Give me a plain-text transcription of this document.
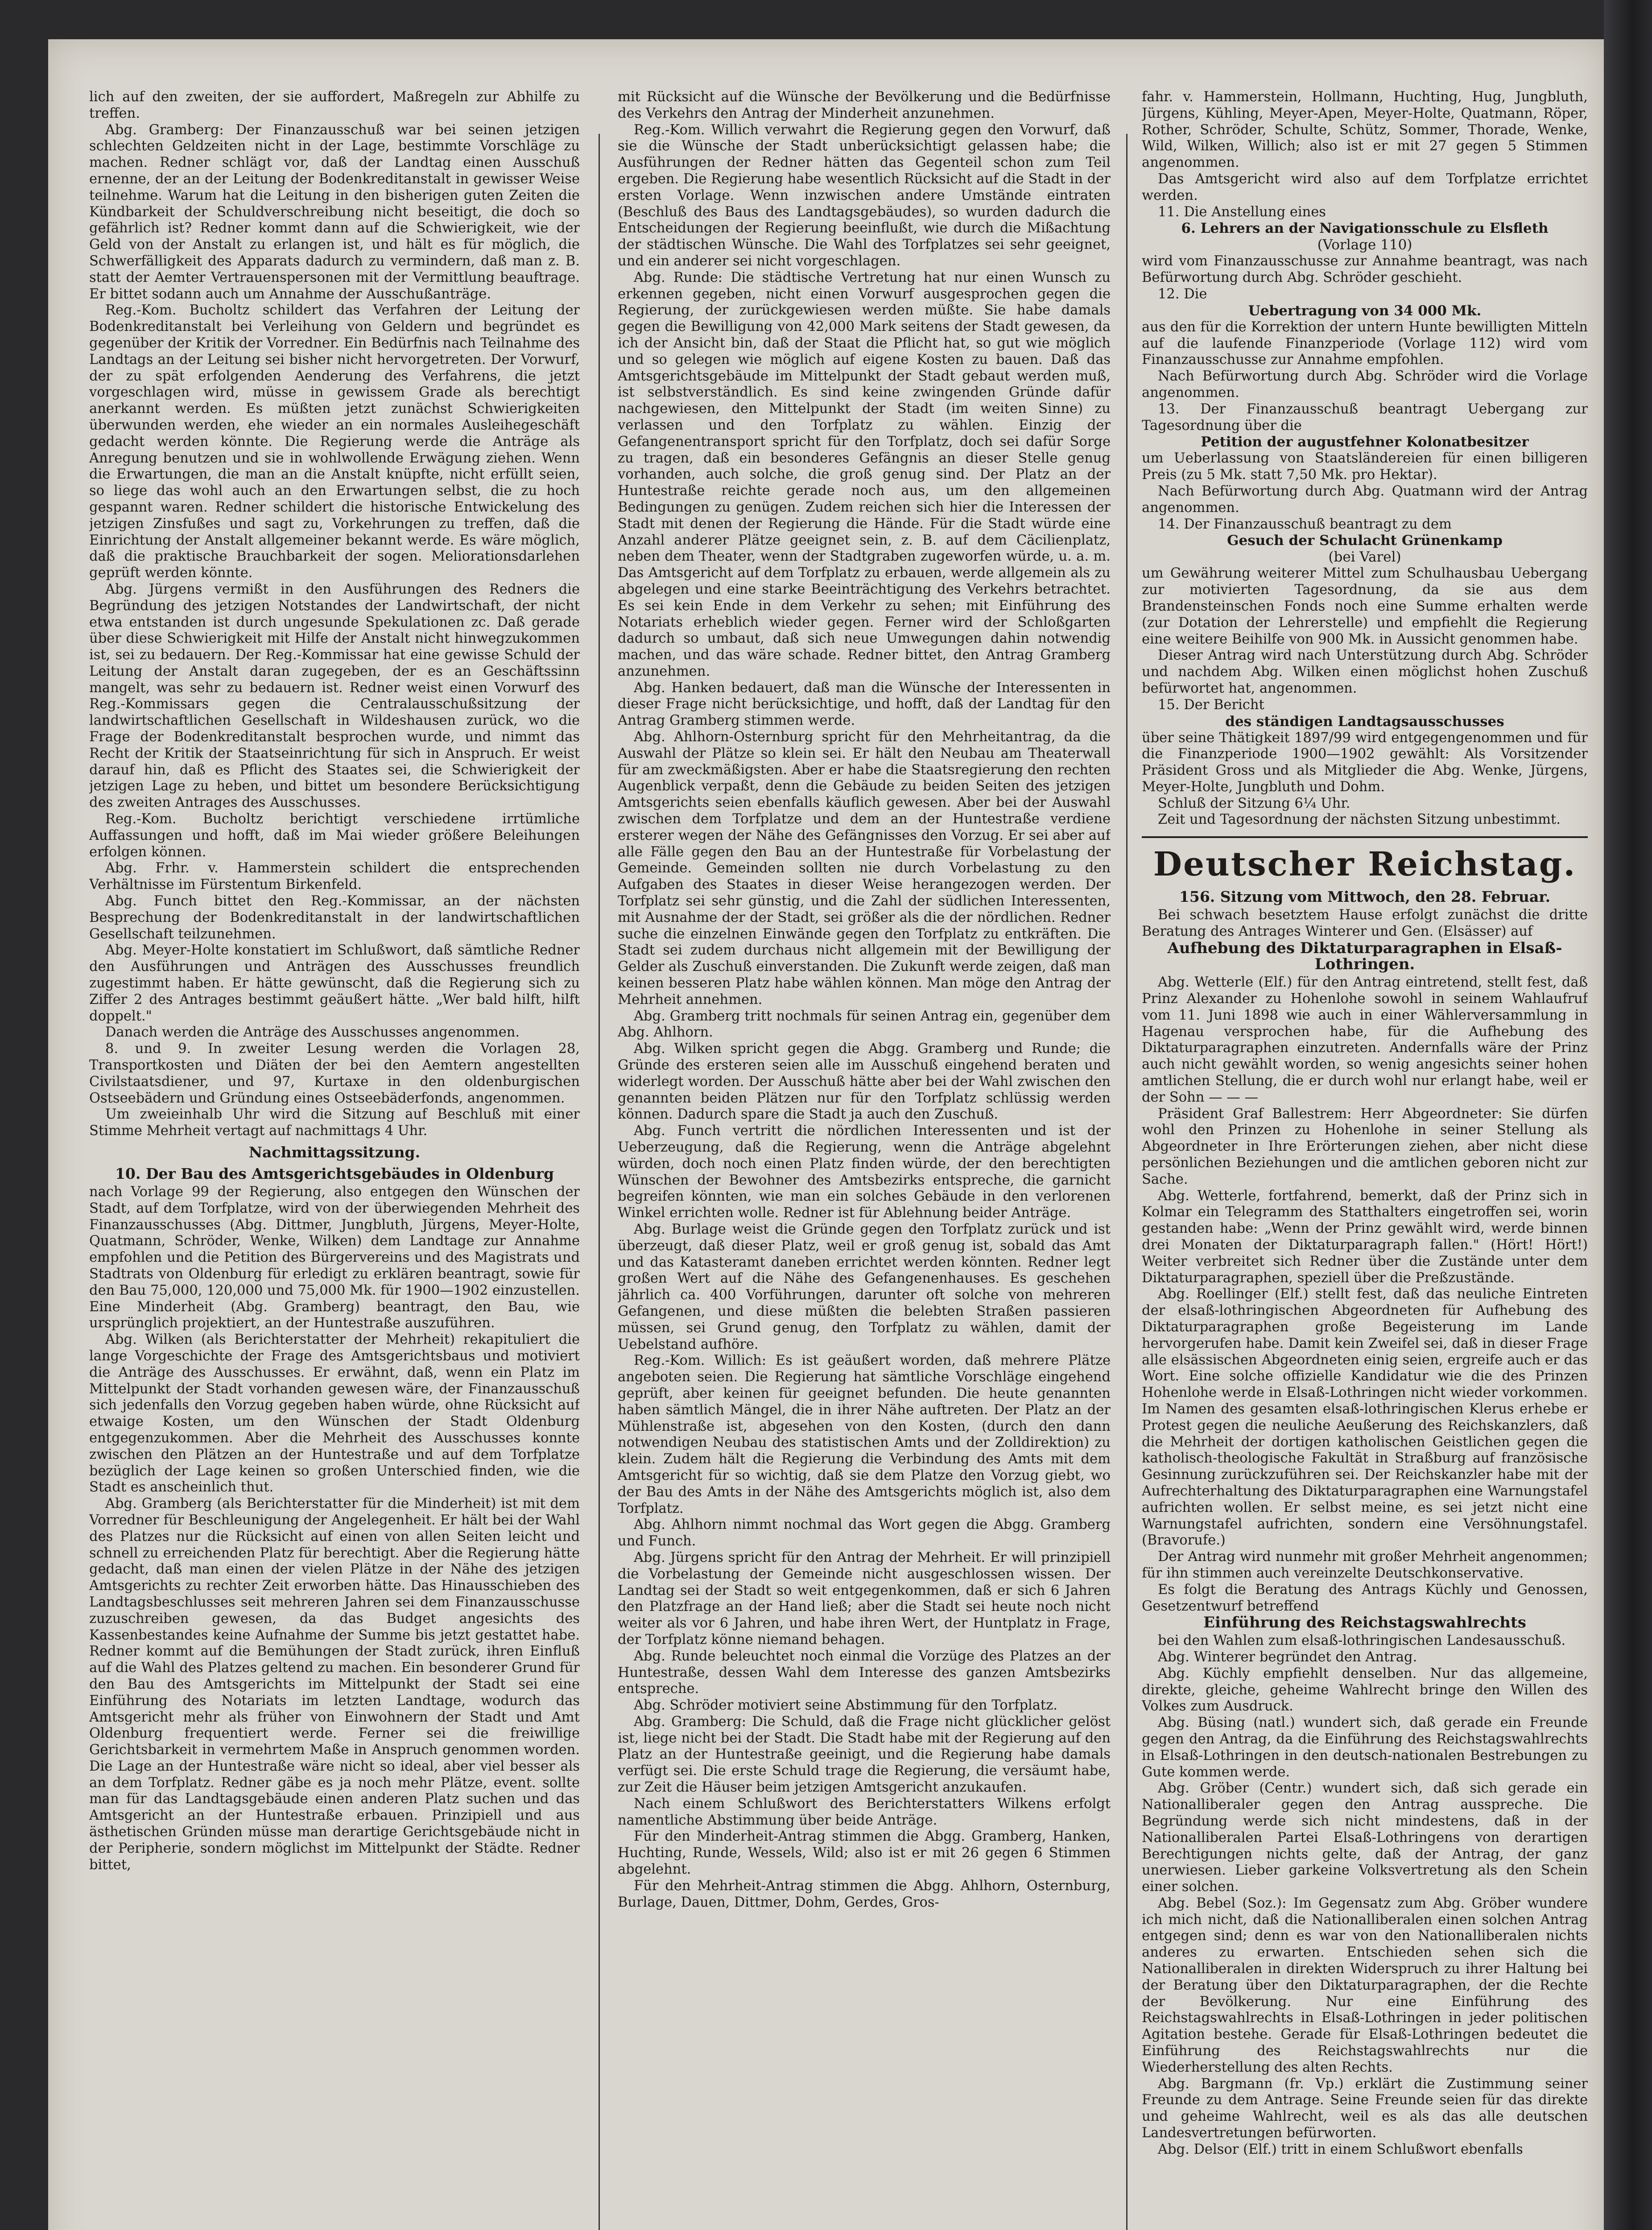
lich auf den zweiten, der sie auffordert, Maßregeln zur Abhilfe zu treffen.

Abg. Gramberg: Der Finanzausschuß war bei seinen jetzigen schlechten Geldzeiten nicht in der Lage, bestimmte Vorschläge zu machen. Redner schlägt vor, daß der Landtag einen Ausschuß ernenne, der an der Leitung der Bodenkreditanstalt in gewisser Weise teilnehme. Warum hat die Leitung in den bisherigen guten Zeiten die Kündbarkeit der Schuldverschreibung nicht beseitigt, die doch so gefährlich ist? Redner kommt dann auf die Schwierigkeit, wie der Geld von der Anstalt zu erlangen ist, und hält es für möglich, die Schwerfälligkeit des Apparats dadurch zu vermindern, daß man z. B. statt der Aemter Vertrauenspersonen mit der Vermittlung beauftrage. Er bittet sodann auch um Annahme der Ausschußanträge.

Reg.-Kom. Bucholtz schildert das Verfahren der Leitung der Bodenkreditanstalt bei Verleihung von Geldern und begründet es gegenüber der Kritik der Vorredner. Ein Bedürfnis nach Teilnahme des Landtags an der Leitung sei bisher nicht hervorgetreten. Der Vorwurf, der zu spät erfolgenden Aenderung des Verfahrens, die jetzt vorgeschlagen wird, müsse in gewissem Grade als berechtigt anerkannt werden. Es müßten jetzt zunächst Schwierigkeiten überwunden werden, ehe wieder an ein normales Ausleihegeschäft gedacht werden könnte. Die Regierung werde die Anträge als Anregung benutzen und sie in wohlwollende Erwägung ziehen. Wenn die Erwartungen, die man an die Anstalt knüpfte, nicht erfüllt seien, so liege das wohl auch an den Erwartungen selbst, die zu hoch gespannt waren. Redner schildert die historische Entwickelung des jetzigen Zinsfußes und sagt zu, Vorkehrungen zu treffen, daß die Einrichtung der Anstalt allgemeiner bekannt werde. Es wäre möglich, daß die praktische Brauchbarkeit der sogen. Meliorationsdarlehen geprüft werden könnte.

Abg. Jürgens vermißt in den Ausführungen des Redners die Begründung des jetzigen Notstandes der Landwirtschaft, der nicht etwa entstanden ist durch ungesunde Spekulationen zc. Daß gerade über diese Schwierigkeit mit Hilfe der Anstalt nicht hinwegzukommen ist, sei zu bedauern. Der Reg.-Kommissar hat eine gewisse Schuld der Leitung der Anstalt daran zugegeben, der es an Geschäftssinn mangelt, was sehr zu bedauern ist. Redner weist einen Vorwurf des Reg.-Kommissars gegen die Centralausschußsitzung der landwirtschaftlichen Gesellschaft in Wildeshausen zurück, wo die Frage der Bodenkreditanstalt besprochen wurde, und nimmt das Recht der Kritik der Staatseinrichtung für sich in Anspruch. Er weist darauf hin, daß es Pflicht des Staates sei, die Schwierigkeit der jetzigen Lage zu heben, und bittet um besondere Berücksichtigung des zweiten Antrages des Ausschusses.

Reg.-Kom. Bucholtz berichtigt verschiedene irrtümliche Auffassungen und hofft, daß im Mai wieder größere Beleihungen erfolgen können.

Abg. Frhr. v. Hammerstein schildert die entsprechenden Verhältnisse im Fürstentum Birkenfeld.

Abg. Funch bittet den Reg.-Kommissar, an der nächsten Besprechung der Bodenkreditanstalt in der landwirtschaftlichen Gesellschaft teilzunehmen.

Abg. Meyer-Holte konstatiert im Schlußwort, daß sämtliche Redner den Ausführungen und Anträgen des Ausschusses freundlich zugestimmt haben. Er hätte gewünscht, daß die Regierung sich zu Ziffer 2 des Antrages bestimmt geäußert hätte. „Wer bald hilft, hilft doppelt."

Danach werden die Anträge des Ausschusses angenommen.

8. und 9. In zweiter Lesung werden die Vorlagen 28, Transportkosten und Diäten der bei den Aemtern angestellten Civilstaatsdiener, und 97, Kurtaxe in den oldenburgischen Ostseebädern und Gründung eines Ostseebäderfonds, angenommen.

Um zweieinhalb Uhr wird die Sitzung auf Beschluß mit einer Stimme Mehrheit vertagt auf nachmittags 4 Uhr.

Nachmittagssitzung.

10. Der Bau des Amtsgerichtsgebäudes in Oldenburg

nach Vorlage 99 der Regierung, also entgegen den Wünschen der Stadt, auf dem Torfplatze, wird von der überwiegenden Mehrheit des Finanzausschusses (Abg. Dittmer, Jungbluth, Jürgens, Meyer-Holte, Quatmann, Schröder, Wenke, Wilken) dem Landtage zur Annahme empfohlen und die Petition des Bürgervereins und des Magistrats und Stadtrats von Oldenburg für erledigt zu erklären beantragt, sowie für den Bau 75,000, 120,000 und 75,000 Mk. für 1900—1902 einzustellen. Eine Minderheit (Abg. Gramberg) beantragt, den Bau, wie ursprünglich projektiert, an der Huntestraße auszuführen.

Abg. Wilken (als Berichterstatter der Mehrheit) rekapituliert die lange Vorgeschichte der Frage des Amtsgerichtsbaus und motiviert die Anträge des Ausschusses. Er erwähnt, daß, wenn ein Platz im Mittelpunkt der Stadt vorhanden gewesen wäre, der Finanzausschuß sich jedenfalls den Vorzug gegeben haben würde, ohne Rücksicht auf etwaige Kosten, um den Wünschen der Stadt Oldenburg entgegenzukommen. Aber die Mehrheit des Ausschusses konnte zwischen den Plätzen an der Huntestraße und auf dem Torfplatze bezüglich der Lage keinen so großen Unterschied finden, wie die Stadt es anscheinlich thut.

Abg. Gramberg (als Berichterstatter für die Minderheit) ist mit dem Vorredner für Beschleunigung der Angelegenheit. Er hält bei der Wahl des Platzes nur die Rücksicht auf einen von allen Seiten leicht und schnell zu erreichenden Platz für berechtigt. Aber die Regierung hätte gedacht, daß man einen der vielen Plätze in der Nähe des jetzigen Amtsgerichts zu rechter Zeit erworben hätte. Das Hinausschieben des Landtagsbeschlusses seit mehreren Jahren sei dem Finanzausschusse zuzuschreiben gewesen, da das Budget angesichts des Kassenbestandes keine Aufnahme der Summe bis jetzt gestattet habe. Redner kommt auf die Bemühungen der Stadt zurück, ihren Einfluß auf die Wahl des Platzes geltend zu machen. Ein besonderer Grund für den Bau des Amtsgerichts im Mittelpunkt der Stadt sei eine Einführung des Notariats im letzten Landtage, wodurch das Amtsgericht mehr als früher von Einwohnern der Stadt und Amt Oldenburg frequentiert werde. Ferner sei die freiwillige Gerichtsbarkeit in vermehrtem Maße in Anspruch genommen worden. Die Lage an der Huntestraße wäre nicht so ideal, aber viel besser als an dem Torfplatz. Redner gäbe es ja noch mehr Plätze, event. sollte man für das Landtagsgebäude einen anderen Platz suchen und das Amtsgericht an der Huntestraße erbauen. Prinzipiell und aus ästhetischen Gründen müsse man derartige Gerichtsgebäude nicht in der Peripherie, sondern möglichst im Mittelpunkt der Städte. Redner bittet,

mit Rücksicht auf die Wünsche der Bevölkerung und die Bedürfnisse des Verkehrs den Antrag der Minderheit anzunehmen.

Reg.-Kom. Willich verwahrt die Regierung gegen den Vorwurf, daß sie die Wünsche der Stadt unberücksichtigt gelassen habe; die Ausführungen der Redner hätten das Gegenteil schon zum Teil ergeben. Die Regierung habe wesentlich Rücksicht auf die Stadt in der ersten Vorlage. Wenn inzwischen andere Umstände eintraten (Beschluß des Baus des Landtagsgebäudes), so wurden dadurch die Entscheidungen der Regierung beeinflußt, wie durch die Mißachtung der städtischen Wünsche. Die Wahl des Torfplatzes sei sehr geeignet, und ein anderer sei nicht vorgeschlagen.

Abg. Runde: Die städtische Vertretung hat nur einen Wunsch zu erkennen gegeben, nicht einen Vorwurf ausgesprochen gegen die Regierung, der zurückgewiesen werden müßte. Sie habe damals gegen die Bewilligung von 42,000 Mark seitens der Stadt gewesen, da ich der Ansicht bin, daß der Staat die Pflicht hat, so gut wie möglich und so gelegen wie möglich auf eigene Kosten zu bauen. Daß das Amtsgerichtsgebäude im Mittelpunkt der Stadt gebaut werden muß, ist selbstverständlich. Es sind keine zwingenden Gründe dafür nachgewiesen, den Mittelpunkt der Stadt (im weiten Sinne) zu verlassen und den Torfplatz zu wählen. Einzig der Gefangenentransport spricht für den Torfplatz, doch sei dafür Sorge zu tragen, daß ein besonderes Gefängnis an dieser Stelle genug vorhanden, auch solche, die groß genug sind. Der Platz an der Huntestraße reichte gerade noch aus, um den allgemeinen Bedingungen zu genügen. Zudem reichen sich hier die Interessen der Stadt mit denen der Regierung die Hände. Für die Stadt würde eine Anzahl anderer Plätze geeignet sein, z. B. auf dem Cäcilienplatz, neben dem Theater, wenn der Stadtgraben zugeworfen würde, u. a. m. Das Amtsgericht auf dem Torfplatz zu erbauen, werde allgemein als zu abgelegen und eine starke Beeinträchtigung des Verkehrs betrachtet. Es sei kein Ende in dem Verkehr zu sehen; mit Einführung des Notariats erheblich wieder gegen. Ferner wird der Schloßgarten dadurch so umbaut, daß sich neue Umwegungen dahin notwendig machen, und das wäre schade. Redner bittet, den Antrag Gramberg anzunehmen.

Abg. Hanken bedauert, daß man die Wünsche der Interessenten in dieser Frage nicht berücksichtige, und hofft, daß der Landtag für den Antrag Gramberg stimmen werde.

Abg. Ahlhorn-Osternburg spricht für den Mehrheitantrag, da die Auswahl der Plätze so klein sei. Er hält den Neubau am Theaterwall für am zweckmäßigsten. Aber er habe die Staatsregierung den rechten Augenblick verpaßt, denn die Gebäude zu beiden Seiten des jetzigen Amtsgerichts seien ebenfalls käuflich gewesen. Aber bei der Auswahl zwischen dem Torfplatze und dem an der Huntestraße verdiene ersterer wegen der Nähe des Gefängnisses den Vorzug. Er sei aber auf alle Fälle gegen den Bau an der Huntestraße für Vorbelastung der Gemeinde. Gemeinden sollten nie durch Vorbelastung zu den Aufgaben des Staates in dieser Weise herangezogen werden. Der Torfplatz sei sehr günstig, und die Zahl der südlichen Interessenten, mit Ausnahme der der Stadt, sei größer als die der nördlichen. Redner suche die einzelnen Einwände gegen den Torfplatz zu entkräften. Die Stadt sei zudem durchaus nicht allgemein mit der Bewilligung der Gelder als Zuschuß einverstanden. Die Zukunft werde zeigen, daß man keinen besseren Platz habe wählen können. Man möge den Antrag der Mehrheit annehmen.

Abg. Gramberg tritt nochmals für seinen Antrag ein, gegenüber dem Abg. Ahlhorn.

Abg. Wilken spricht gegen die Abgg. Gramberg und Runde; die Gründe des ersteren seien alle im Ausschuß eingehend beraten und widerlegt worden. Der Ausschuß hätte aber bei der Wahl zwischen den genannten beiden Plätzen nur für den Torfplatz schlüssig werden können. Dadurch spare die Stadt ja auch den Zuschuß.

Abg. Funch vertritt die nördlichen Interessenten und ist der Ueberzeugung, daß die Regierung, wenn die Anträge abgelehnt würden, doch noch einen Platz finden würde, der den berechtigten Wünschen der Bewohner des Amtsbezirks entspreche, die garnicht begreifen könnten, wie man ein solches Gebäude in den verlorenen Winkel errichten wolle. Redner ist für Ablehnung beider Anträge.

Abg. Burlage weist die Gründe gegen den Torfplatz zurück und ist überzeugt, daß dieser Platz, weil er groß genug ist, sobald das Amt und das Katasteramt daneben errichtet werden könnten. Redner legt großen Wert auf die Nähe des Gefangenenhauses. Es geschehen jährlich ca. 400 Vorführungen, darunter oft solche von mehreren Gefangenen, und diese müßten die belebten Straßen passieren müssen, sei Grund genug, den Torfplatz zu wählen, damit der Uebelstand aufhöre.

Reg.-Kom. Willich: Es ist geäußert worden, daß mehrere Plätze angeboten seien. Die Regierung hat sämtliche Vorschläge eingehend geprüft, aber keinen für geeignet befunden. Die heute genannten haben sämtlich Mängel, die in ihrer Nähe auftreten. Der Platz an der Mühlenstraße ist, abgesehen von den Kosten, (durch den dann notwendigen Neubau des statistischen Amts und der Zolldirektion) zu klein. Zudem hält die Regierung die Verbindung des Amts mit dem Amtsgericht für so wichtig, daß sie dem Platze den Vorzug giebt, wo der Bau des Amts in der Nähe des Amtsgerichts möglich ist, also dem Torfplatz.

Abg. Ahlhorn nimmt nochmal das Wort gegen die Abgg. Gramberg und Funch.

Abg. Jürgens spricht für den Antrag der Mehrheit. Er will prinzipiell die Vorbelastung der Gemeinde nicht ausgeschlossen wissen. Der Landtag sei der Stadt so weit entgegenkommen, daß er sich 6 Jahren den Platzfrage an der Hand ließ; aber die Stadt sei heute noch nicht weiter als vor 6 Jahren, und habe ihren Wert, der Huntplatz in Frage, der Torfplatz könne niemand behagen.

Abg. Runde beleuchtet noch einmal die Vorzüge des Platzes an der Huntestraße, dessen Wahl dem Interesse des ganzen Amtsbezirks entspreche.

Abg. Schröder motiviert seine Abstimmung für den Torfplatz.

Abg. Gramberg: Die Schuld, daß die Frage nicht glücklicher gelöst ist, liege nicht bei der Stadt. Die Stadt habe mit der Regierung auf den Platz an der Huntestraße geeinigt, und die Regierung habe damals verfügt sei. Die erste Schuld trage die Regierung, die versäumt habe, zur Zeit die Häuser beim jetzigen Amtsgericht anzukaufen.

Nach einem Schlußwort des Berichterstatters Wilkens erfolgt namentliche Abstimmung über beide Anträge.

Für den Minderheit-Antrag stimmen die Abgg. Gramberg, Hanken, Huchting, Runde, Wessels, Wild; also ist er mit 26 gegen 6 Stimmen abgelehnt.

Für den Mehrheit-Antrag stimmen die Abgg. Ahlhorn, Osternburg, Burlage, Dauen, Dittmer, Dohm, Gerdes, Gros-

fahr. v. Hammerstein, Hollmann, Huchting, Hug, Jungbluth, Jürgens, Kühling, Meyer-Apen, Meyer-Holte, Quatmann, Röper, Rother, Schröder, Schulte, Schütz, Sommer, Thorade, Wenke, Wild, Wilken, Willich; also ist er mit 27 gegen 5 Stimmen angenommen.

Das Amtsgericht wird also auf dem Torfplatze errichtet werden.

11. Die Anstellung eines

6. Lehrers an der Navigationsschule zu Elsfleth

(Vorlage 110)

wird vom Finanzausschusse zur Annahme beantragt, was nach Befürwortung durch Abg. Schröder geschieht.

12. Die

Uebertragung von 34 000 Mk.

aus den für die Korrektion der untern Hunte bewilligten Mitteln auf die laufende Finanzperiode (Vorlage 112) wird vom Finanzausschusse zur Annahme empfohlen.

Nach Befürwortung durch Abg. Schröder wird die Vorlage angenommen.

13. Der Finanzausschuß beantragt Uebergang zur Tagesordnung über die

Petition der augustfehner Kolonatbesitzer

um Ueberlassung von Staatsländereien für einen billigeren Preis (zu 5 Mk. statt 7,50 Mk. pro Hektar).

Nach Befürwortung durch Abg. Quatmann wird der Antrag angenommen.

14. Der Finanzausschuß beantragt zu dem

Gesuch der Schulacht Grünenkamp

(bei Varel)

um Gewährung weiterer Mittel zum Schulhausbau Uebergang zur motivierten Tagesordnung, da sie aus dem Brandensteinschen Fonds noch eine Summe erhalten werde (zur Dotation der Lehrerstelle) und empfiehlt die Regierung eine weitere Beihilfe von 900 Mk. in Aussicht genommen habe.

Dieser Antrag wird nach Unterstützung durch Abg. Schröder und nachdem Abg. Wilken einen möglichst hohen Zuschuß befürwortet hat, angenommen.

15. Der Bericht

des ständigen Landtagsausschusses

über seine Thätigkeit 1897/99 wird entgegengenommen und für die Finanzperiode 1900—1902 gewählt: Als Vorsitzender Präsident Gross und als Mitglieder die Abg. Wenke, Jürgens, Meyer-Holte, Jungbluth und Dohm.

Schluß der Sitzung 6¼ Uhr.

Zeit und Tagesordnung der nächsten Sitzung unbestimmt.

Deutscher Reichstag.

156. Sitzung vom Mittwoch, den 28. Februar.

Bei schwach besetztem Hause erfolgt zunächst die dritte Beratung des Antrages Winterer und Gen. (Elsässer) auf

Aufhebung des Diktaturparagraphen in Elsaß-Lothringen.

Abg. Wetterle (Elf.) für den Antrag eintretend, stellt fest, daß Prinz Alexander zu Hohenlohe sowohl in seinem Wahlaufruf vom 11. Juni 1898 wie auch in einer Wählerversammlung in Hagenau versprochen habe, für die Aufhebung des Diktaturparagraphen einzutreten. Andernfalls wäre der Prinz auch nicht gewählt worden, so wenig angesichts seiner hohen amtlichen Stellung, die er durch wohl nur erlangt habe, weil er der Sohn — — —

Präsident Graf Ballestrem: Herr Abgeordneter: Sie dürfen wohl den Prinzen zu Hohenlohe in seiner Stellung als Abgeordneter in Ihre Erörterungen ziehen, aber nicht diese persönlichen Beziehungen und die amtlichen geboren nicht zur Sache.

Abg. Wetterle, fortfahrend, bemerkt, daß der Prinz sich in Kolmar ein Telegramm des Statthalters eingetroffen sei, worin gestanden habe: „Wenn der Prinz gewählt wird, werde binnen drei Monaten der Diktaturparagraph fallen." (Hört! Hört!) Weiter verbreitet sich Redner über die Zustände unter dem Diktaturparagraphen, speziell über die Preßzustände.

Abg. Roellinger (Elf.) stellt fest, daß das neuliche Eintreten der elsaß-lothringischen Abgeordneten für Aufhebung des Diktaturparagraphen große Begeisterung im Lande hervorgerufen habe. Damit kein Zweifel sei, daß in dieser Frage alle elsässischen Abgeordneten einig seien, ergreife auch er das Wort. Eine solche offizielle Kandidatur wie die des Prinzen Hohenlohe werde in Elsaß-Lothringen nicht wieder vorkommen. Im Namen des gesamten elsaß-lothringischen Klerus erhebe er Protest gegen die neuliche Aeußerung des Reichskanzlers, daß die Mehrheit der dortigen katholischen Geistlichen gegen die katholisch-theologische Fakultät in Straßburg auf französische Gesinnung zurückzuführen sei. Der Reichskanzler habe mit der Aufrechterhaltung des Diktaturparagraphen eine Warnungstafel aufrichten wollen. Er selbst meine, es sei jetzt nicht eine Warnungstafel aufrichten, sondern eine Versöhnungstafel. (Bravorufe.)

Der Antrag wird nunmehr mit großer Mehrheit angenommen; für ihn stimmen auch vereinzelte Deutschkonservative.

Es folgt die Beratung des Antrags Küchly und Genossen, Gesetzentwurf betreffend

Einführung des Reichstagswahlrechts

bei den Wahlen zum elsaß-lothringischen Landesausschuß.

Abg. Winterer begründet den Antrag.

Abg. Küchly empfiehlt denselben. Nur das allgemeine, direkte, gleiche, geheime Wahlrecht bringe den Willen des Volkes zum Ausdruck.

Abg. Büsing (natl.) wundert sich, daß gerade ein Freunde gegen den Antrag, da die Einführung des Reichstagswahlrechts in Elsaß-Lothringen in den deutsch-nationalen Bestrebungen zu Gute kommen werde.

Abg. Gröber (Centr.) wundert sich, daß sich gerade ein Nationalliberaler gegen den Antrag ausspreche. Die Begründung werde sich nicht mindestens, daß in der Nationalliberalen Partei Elsaß-Lothringens von derartigen Berechtigungen nichts gelte, daß der Antrag, der ganz unerwiesen. Lieber garkeine Volksvertretung als den Schein einer solchen.

Abg. Bebel (Soz.): Im Gegensatz zum Abg. Gröber wundere ich mich nicht, daß die Nationalliberalen einen solchen Antrag entgegen sind; denn es war von den Nationalliberalen nichts anderes zu erwarten. Entschieden sehen sich die Nationalliberalen in direkten Widerspruch zu ihrer Haltung bei der Beratung über den Diktaturparagraphen, der die Rechte der Bevölkerung. Nur eine Einführung des Reichstagswahlrechts in Elsaß-Lothringen in jeder politischen Agitation bestehe. Gerade für Elsaß-Lothringen bedeutet die Einführung des Reichstagswahlrechts nur die Wiederherstellung des alten Rechts.

Abg. Bargmann (fr. Vp.) erklärt die Zustimmung seiner Freunde zu dem Antrage. Seine Freunde seien für das direkte und geheime Wahlrecht, weil es als das alle deutschen Landesvertretungen befürworten.

Abg. Delsor (Elf.) tritt in einem Schlußwort ebenfalls
